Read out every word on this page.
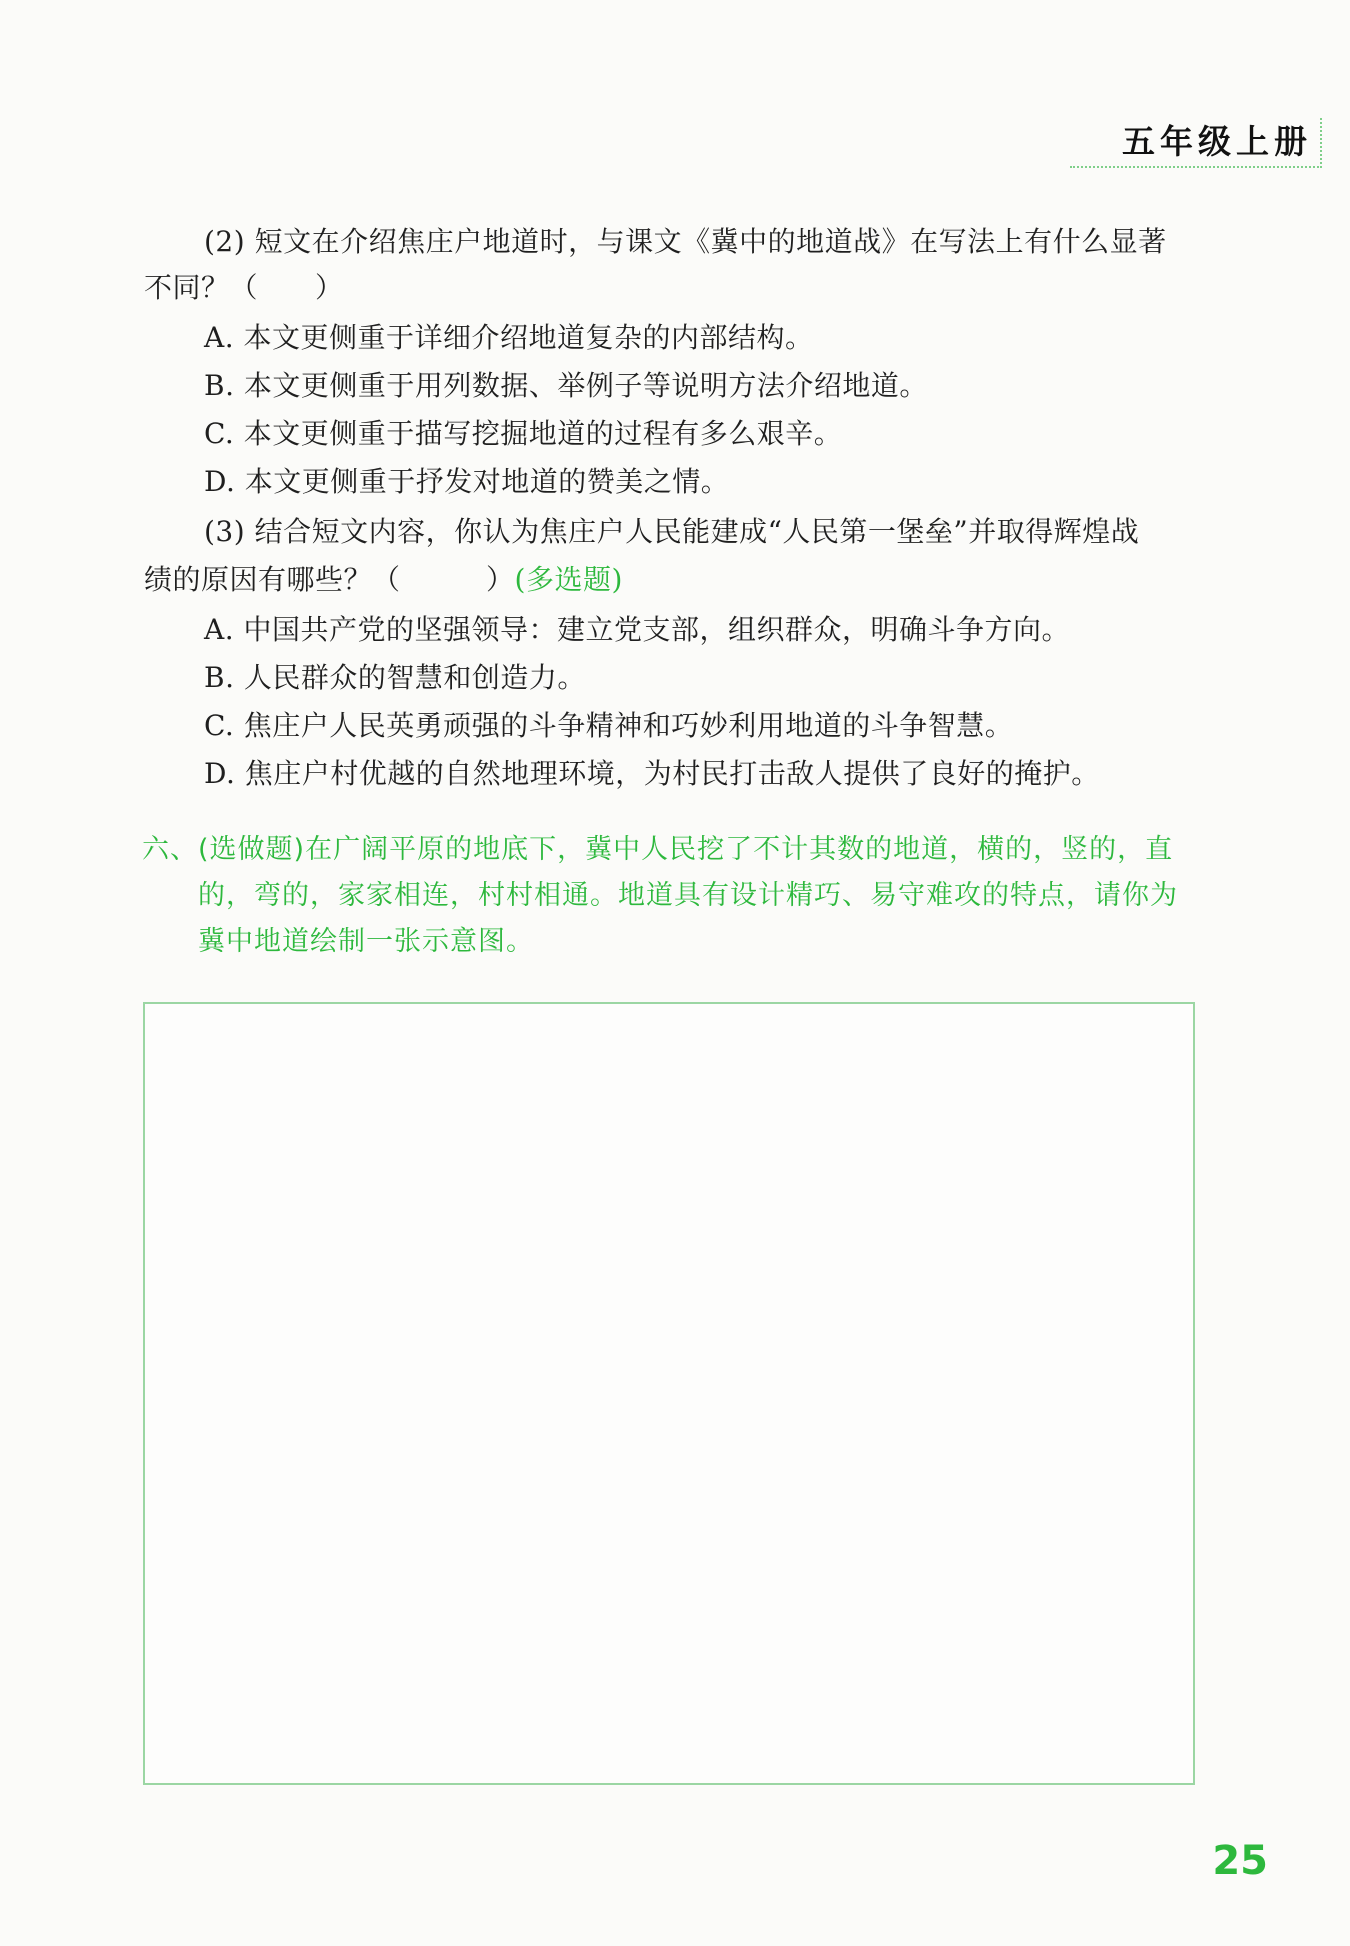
五年级上册
(2) 短文在介绍焦庄户地道时，与课文《冀中的地道战》在写法上有什么显著
不同？（　　）
A. 本文更侧重于详细介绍地道复杂的内部结构。
B. 本文更侧重于用列数据、举例子等说明方法介绍地道。
C. 本文更侧重于描写挖掘地道的过程有多么艰辛。
D. 本文更侧重于抒发对地道的赞美之情。
(3) 结合短文内容，你认为焦庄户人民能建成“人民第一堡垒”并取得辉煌战
绩的原因有哪些？（　　　）(多选题)
A. 中国共产党的坚强领导：建立党支部，组织群众，明确斗争方向。
B. 人民群众的智慧和创造力。
C. 焦庄户人民英勇顽强的斗争精神和巧妙利用地道的斗争智慧。
D. 焦庄户村优越的自然地理环境，为村民打击敌人提供了良好的掩护。
六、(选做题)在广阔平原的地底下，冀中人民挖了不计其数的地道，横的，竖的，直
的，弯的，家家相连，村村相通。地道具有设计精巧、易守难攻的特点，请你为
冀中地道绘制一张示意图。
25
